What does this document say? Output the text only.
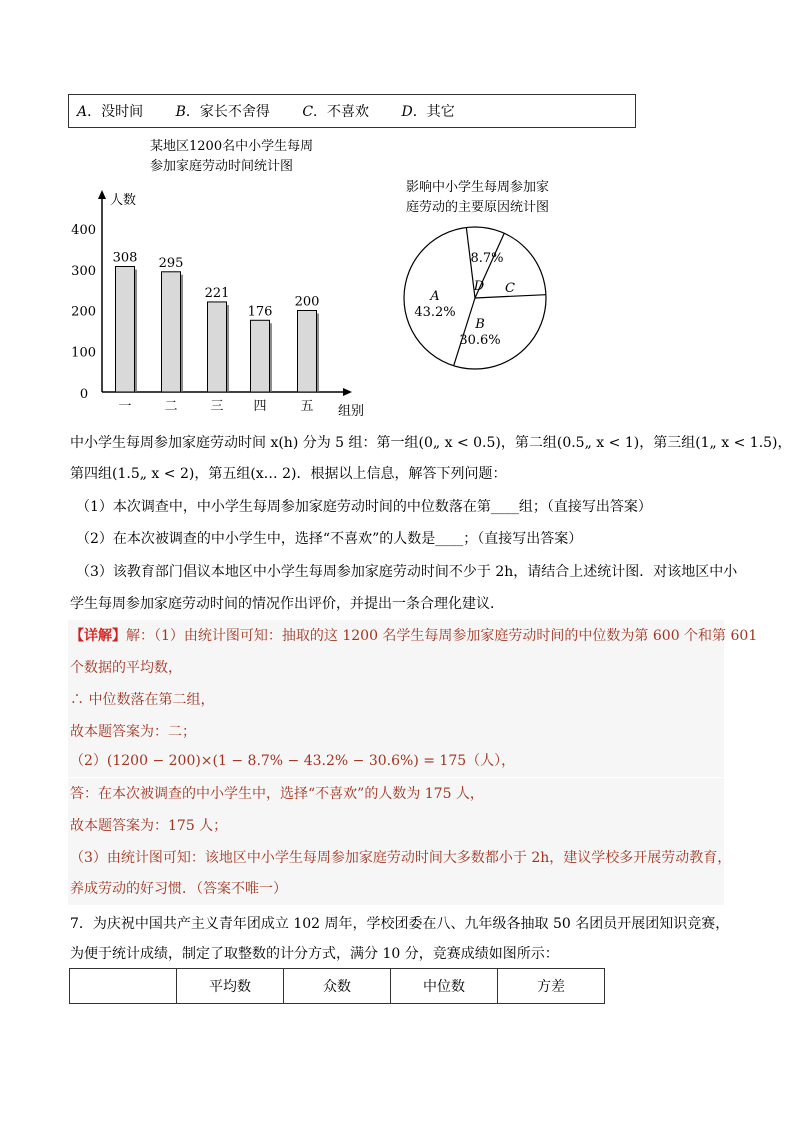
A．没时间 B．家长不舍得 C．不喜欢 D．其它
某地区1200名中小学生每周
参加家庭劳动时间统计图
影响中小学生每周参加家
庭劳动的主要原因统计图
人数
组别
0
100
200
300
400
308
一
295
二
221
三
176
四
200
五
A
43.2%
B
30.6%
C
D
8.7%
中小学生每周参加家庭劳动时间 x(h) 分为 5 组：第一组(0„ x < 0.5)，第二组(0.5„ x < 1)，第三组(1„ x < 1.5)，
第四组(1.5„ x < 2)，第五组(x… 2)．根据以上信息，解答下列问题：
（1）本次调查中，中小学生每周参加家庭劳动时间的中位数落在第____组；（直接写出答案）
（2）在本次被调查的中小学生中，选择“不喜欢”的人数是____；（直接写出答案）
（3）该教育部门倡议本地区中小学生每周参加家庭劳动时间不少于 2h，请结合上述统计图．对该地区中小
学生每周参加家庭劳动时间的情况作出评价，并提出一条合理化建议．
【详解】解：（1）由统计图可知：抽取的这 1200 名学生每周参加家庭劳动时间的中位数为第 600 个和第 601
个数据的平均数，
∴ 中位数落在第二组，
故本题答案为：二；
（2）(1200 − 200)×(1 − 8.7% − 43.2% − 30.6%) = 175（人），
答：在本次被调查的中小学生中，选择“不喜欢”的人数为 175 人，
故本题答案为：175 人；
（3）由统计图可知：该地区中小学生每周参加家庭劳动时间大多数都小于 2h，建议学校多开展劳动教育，
养成劳动的好习惯．（答案不唯一）
7．为庆祝中国共产主义青年团成立 102 周年，学校团委在八、九年级各抽取 50 名团员开展团知识竞赛，
为便于统计成绩，制定了取整数的计分方式，满分 10 分，竞赛成绩如图所示：
	平均数	众数	中位数	方差
